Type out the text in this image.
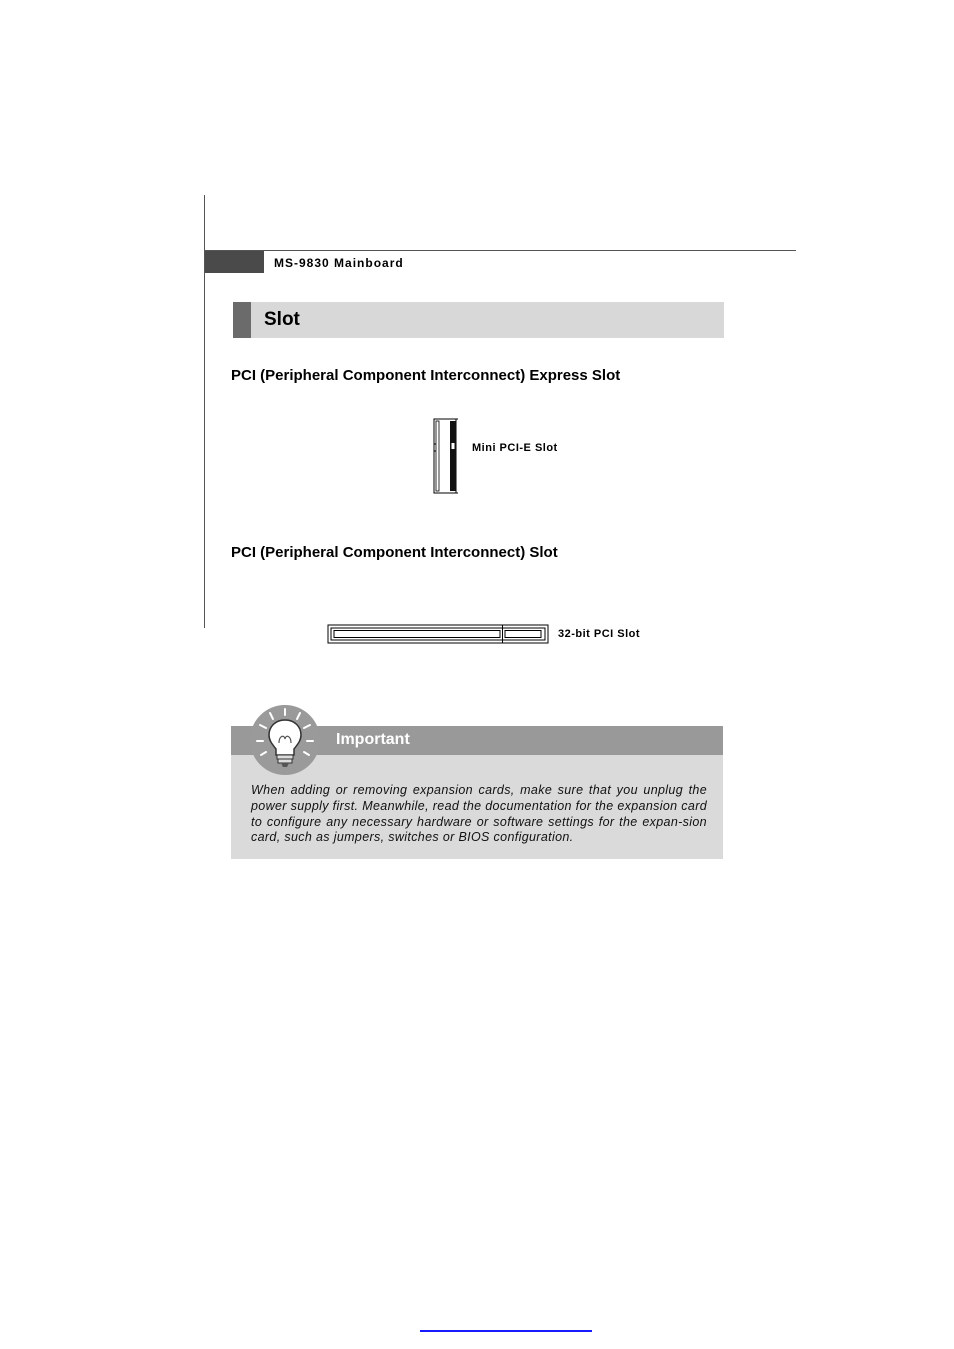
MS-9830 Mainboard
Slot
PCI (Peripheral Component Interconnect) Express Slot
Mini PCI-E Slot
PCI (Peripheral Component Interconnect) Slot
32-bit PCI Slot
Important
When adding or removing expansion cards, make sure that you unplug the power supply first. Meanwhile, read the documentation for the expansion card to configure any necessary hardware or software settings for the expan-sion card, such as jumpers, switches or BIOS configuration.
